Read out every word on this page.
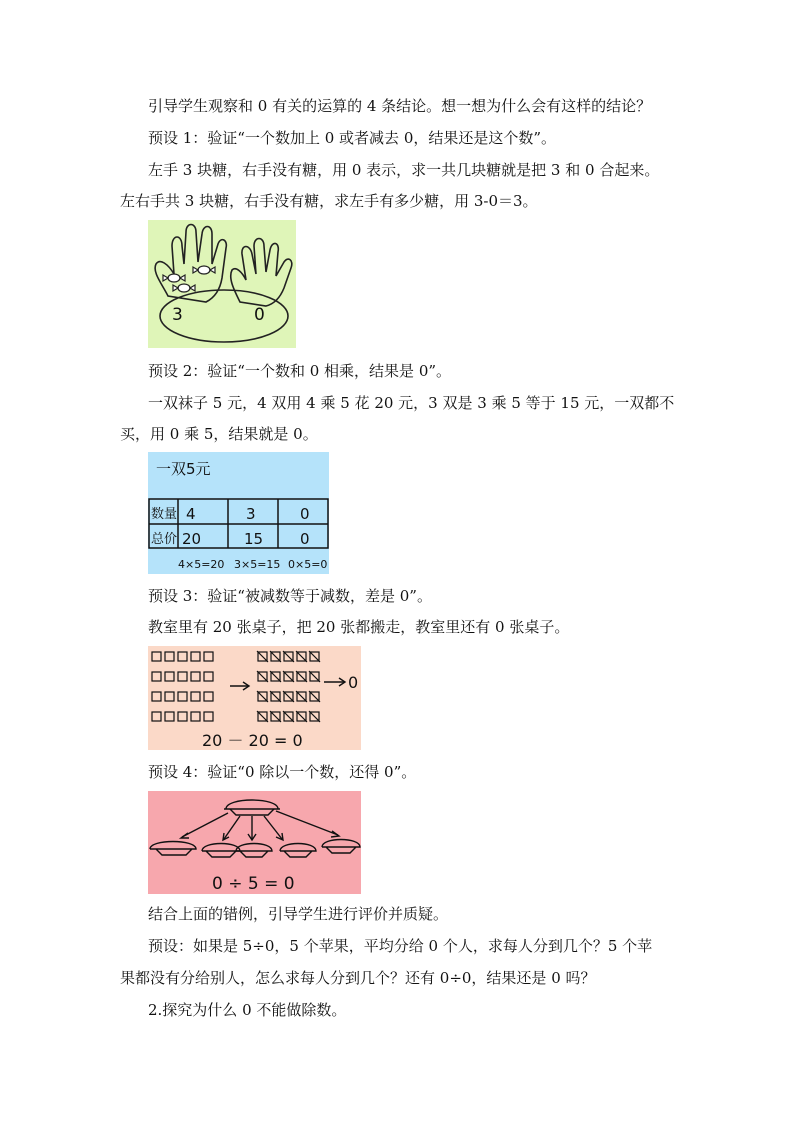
引导学生观察和 0 有关的运算的 4 条结论。想一想为什么会有这样的结论？
预设 1：验证“一个数加上 0 或者减去 0，结果还是这个数”。
左手 3 块糖，右手没有糖，用 0 表示，求一共几块糖就是把 3 和 0 合起来。
左右手共 3 块糖，右手没有糖，求左手有多少糖，用 3-0＝3。
3	0
预设 2：验证“一个数和 0 相乘，结果是 0”。
一双袜子 5 元，4 双用 4 乘 5 花 20 元，3 双是 3 乘 5 等于 15 元，一双都不
买，用 0 乘 5，结果就是 0。
一双5元
数量 4	3	0
总价 20	15 0
4×5=20 3×5=15 0×5=0
预设 3：验证“被减数等于减数，差是 0”。
教室里有 20 张桌子，把 20 张都搬走，教室里还有 0 张桌子。
0
20 － 20 = 0
预设 4：验证“0 除以一个数，还得 0”。
0 ÷ 5 = 0
结合上面的错例，引导学生进行评价并质疑。
预设：如果是 5÷0，5 个苹果，平均分给 0 个人，求每人分到几个？5 个苹
果都没有分给别人，怎么求每人分到几个？还有 0÷0，结果还是 0 吗？
2.探究为什么 0 不能做除数。
